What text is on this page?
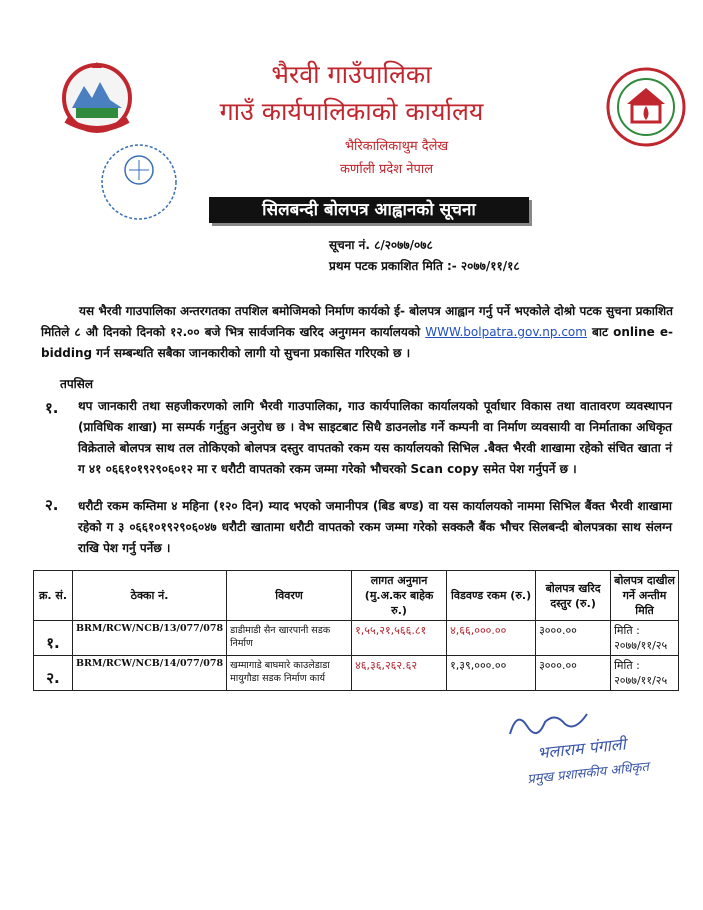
भैरवी गाउँपालिका
गाउँ कार्यपालिकाको कार्यालय
भैरिकालिकाथुम दैलेख
कर्णाली प्रदेश नेपाल
सिलबन्दी बोलपत्र आह्वानको सूचना
सूचना नं. ८/२०७७/०७८
प्रथम पटक प्रकाशित मिति :- २०७७/११/१८
यस भैरवी गाउपालिका अन्तरगतका तपशिल बमोजिमको निर्माण कार्यको ई- बोलपत्र आह्वान गर्नु पर्ने भएकोले दोश्रो पटक सुचना प्रकाशित मितिले ८ औ दिनको दिनको १२.०० बजे भित्र सार्वजनिक खरिद अनुगमन कार्यालयको WWW.bolpatra.gov.np.com बाट online e-bidding गर्न सम्बन्धति सबैका जानकारीको लागी यो सुचना प्रकासित गरिएको छ ।
तपसिल
१. थप जानकारी तथा सहजीकरणको लागि भैरवी गाउपालिका, गाउ कार्यपालिका कार्यालयको पूर्वाधार विकास तथा वातावरण व्यवस्थापन (प्राविधिक शाखा) मा सम्पर्क गर्नुहुन अनुरोध छ । वेभ साइटबाट सिधै डाउनलोड गर्ने कम्पनी वा निर्माण व्यवसायी वा निर्माताका अधिकृत विक्रेताले बोलपत्र साथ तल तोकिएको बोलपत्र दस्तुर वापतको रकम यस कार्यालयको सिभिल .बैक्त भैरवी शाखामा रहेको संचित खाता नं ग ४१ ०६६१०१९२९०६०१२ मा र धरौटी वापतको रकम जम्मा गरेको भौचरको Scan copy समेत पेश गर्नुपर्ने छ ।
२. धरौटी रकम कम्तिमा ४ महिना (१२० दिन) म्याद भएको जमानीपत्र (बिड बण्ड) वा यस कार्यालयको नाममा सिभिल बैंक्त भैरवी शाखामा रहेको ग ३ ०६६१०१९२९०६०४७ धरौटी खातामा धरौटी वापतको रकम जम्मा गरेको सक्कलै बैंक भौचर सिलबन्दी बोलपत्रका साथ संलग्न राखि पेश गर्नु पर्नेछ ।
क्र. सं.	ठेक्का नं.	विवरण	लागत अनुमान (मु.अ.कर बाहेक रु.)	विडवण्ड रकम (रु.)	बोलपत्र खरिद दस्तुर (रु.)	बोलपत्र दाखील गर्ने अन्तीम मिति
१.	BRM/RCW/NCB/13/077/078	डाडीमाडी सैन खारपानी सडक निर्माण	१,५५,२१,५६६.८१	४,६६,०००.००	३०००.००	मिति : २०७७/११/२५
२.	BRM/RCW/NCB/14/077/078	खम्मागाडे बाघमारे काउलेडाडा मायुगौडा सडक निर्माण कार्य	४६,३६,२६२.६२	१,३९,०००.००	३०००.००	मिति : २०७७/११/२५
भलाराम पंगाली
प्रमुख प्रशासकीय अधिकृत
